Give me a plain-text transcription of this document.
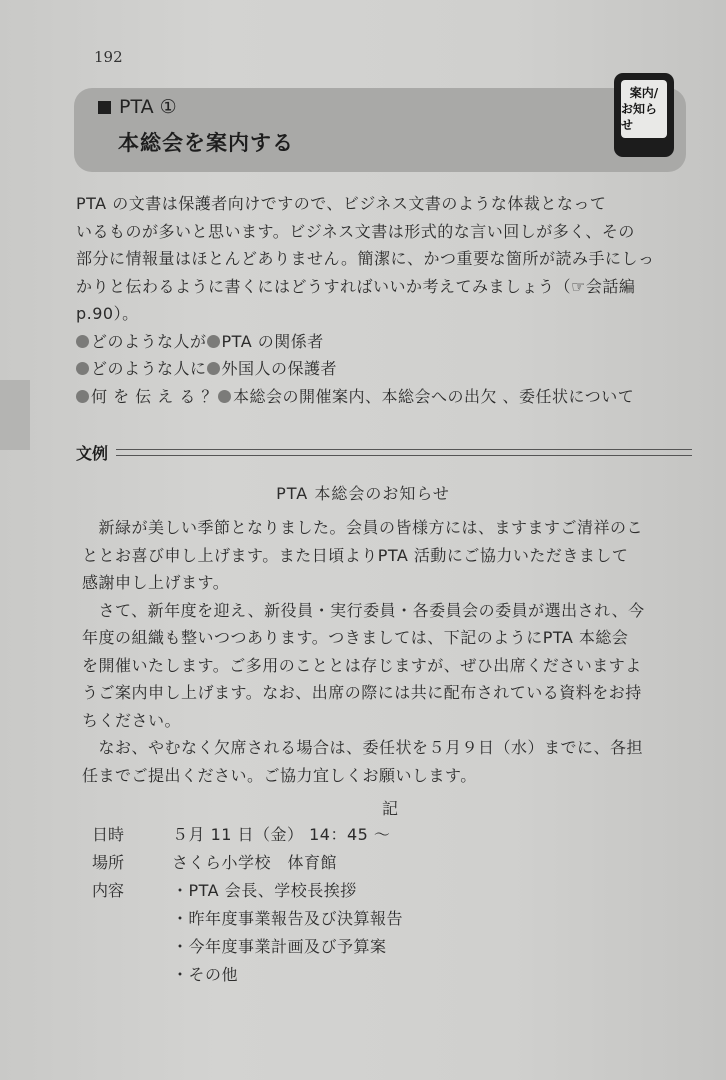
192
PTA ①
本総会を案内する
案内/
お知らせ

PTA の文書は保護者向けですので、ビジネス文書のような体裁となって

いるものが多いと思います。ビジネス文書は形式的な言い回しが多く、その

部分に情報量はほとんどありません。簡潔に、かつ重要な箇所が読み手にしっ

かりと伝わるように書くにはどうすればいいか考えてみましょう（☞会話編

p.90）。

どのような人が PTA の関係者

どのような人に 外国人の保護者

何 を 伝 え る ？ 本総会の開催案内、本総会への出欠 、委任状について

文例
PTA 本総会のお知らせ

　新緑が美しい季節となりました。会員の皆様方には、ますますご清祥のこ

ととお喜び申し上げます。また日頃よりPTA 活動にご協力いただきまして

感謝申し上げます。

　さて、新年度を迎え、新役員・実行委員・各委員会の委員が選出され、今

年度の組織も整いつつあります。つきましては、下記のようにPTA 本総会

を開催いたします。ご多用のこととは存じますが、ぜひ出席くださいますよ

うご案内申し上げます。なお、出席の際には共に配布されている資料をお持

ちください。

　なお、やむなく欠席される場合は、委任状を５月９日（水）までに、各担

任までご提出ください。ご協力宜しくお願いします。

記
日時	５月 11 日（金） 14：45 〜
場所	さくら小学校　体育館
内容	・PTA 会長、学校長挨拶
・昨年度事業報告及び決算報告
・今年度事業計画及び予算案
・その他
